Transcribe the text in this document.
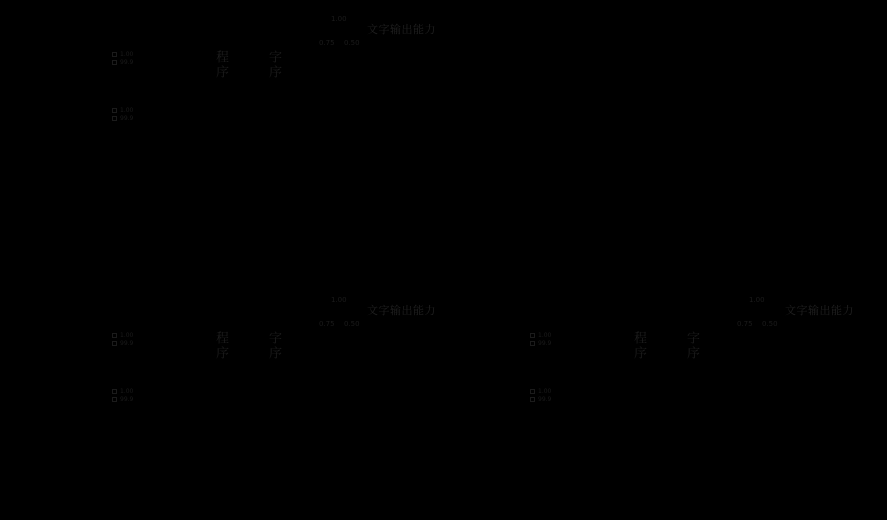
1.00
99.9
1.00
99.9
程序	字序
1.00
0.75 0.50
文字输出能力
1.00
99.9
1.00
99.9
程序	字序
1.00
0.75 0.50
文字输出能力
1.00
99.9
1.00
99.9
程序	字序
1.00
0.75 0.50
文字输出能力
